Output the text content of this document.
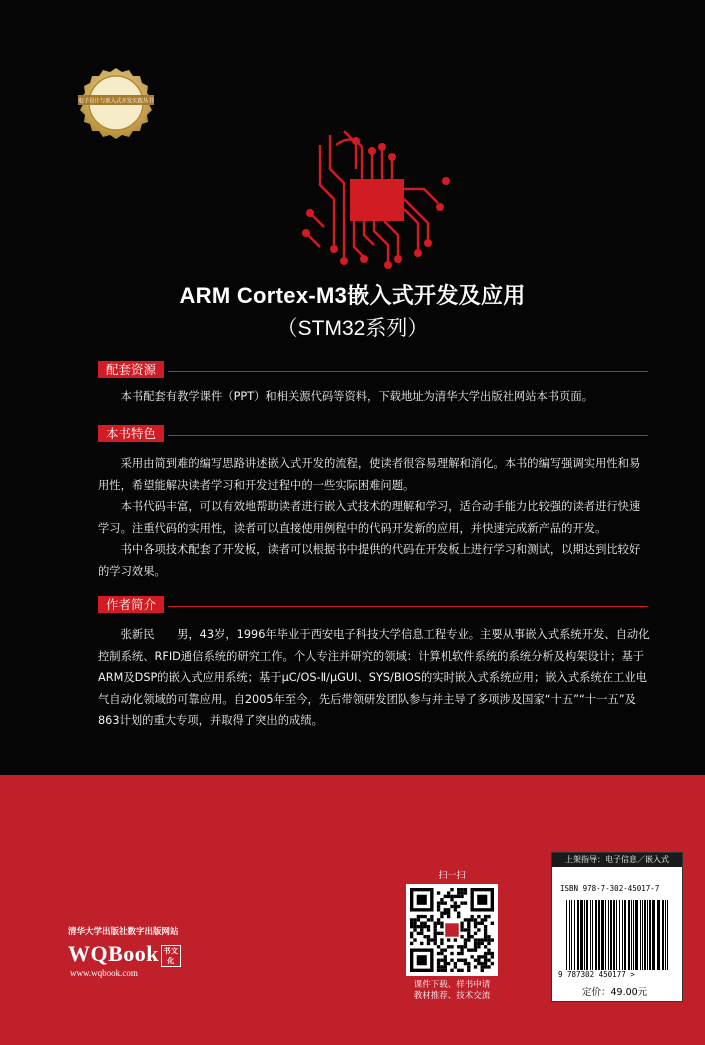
电子设计与嵌入式开发实践丛书
ARM Cortex-M3嵌入式开发及应用
（STM32系列）
配套资源

本书配套有教学课件（PPT）和相关源代码等资料，下载地址为清华大学出版社网站本书页面。

本书特色

采用由简到难的编写思路讲述嵌入式开发的流程，使读者很容易理解和消化。本书的编写强调实用性和易用性，希望能解决读者学习和开发过程中的一些实际困难问题。

本书代码丰富，可以有效地帮助读者进行嵌入式技术的理解和学习，适合动手能力比较强的读者进行快速学习。注重代码的实用性，读者可以直接使用例程中的代码开发新的应用，并快速完成新产品的开发。

书中各项技术配套了开发板，读者可以根据书中提供的代码在开发板上进行学习和测试，以期达到比较好的学习效果。

作者简介

张新民　　男，43岁，1996年毕业于西安电子科技大学信息工程专业。主要从事嵌入式系统开发、自动化控制系统、RFID通信系统的研究工作。个人专注并研究的领域：计算机软件系统的系统分析及构架设计；基于ARM及DSP的嵌入式应用系统；基于μC/OS-Ⅱ/μGUI、SYS/BIOS的实时嵌入式系统应用；嵌入式系统在工业电气自动化领域的可靠应用。自2005年至今，先后带领研发团队参与并主导了多项涉及国家“十五”“十一五”及863计划的重大专项，并取得了突出的成绩。

清华大学出版社数字出版网站
WQBook 书文化
www.wqbook.com
扫一扫
课件下载、样书申请
教材推荐、技术交流
上架指导：电子信息／嵌入式
ISBN 978-7-302-45017-7
9 787302 450177 >
定价：49.00元
